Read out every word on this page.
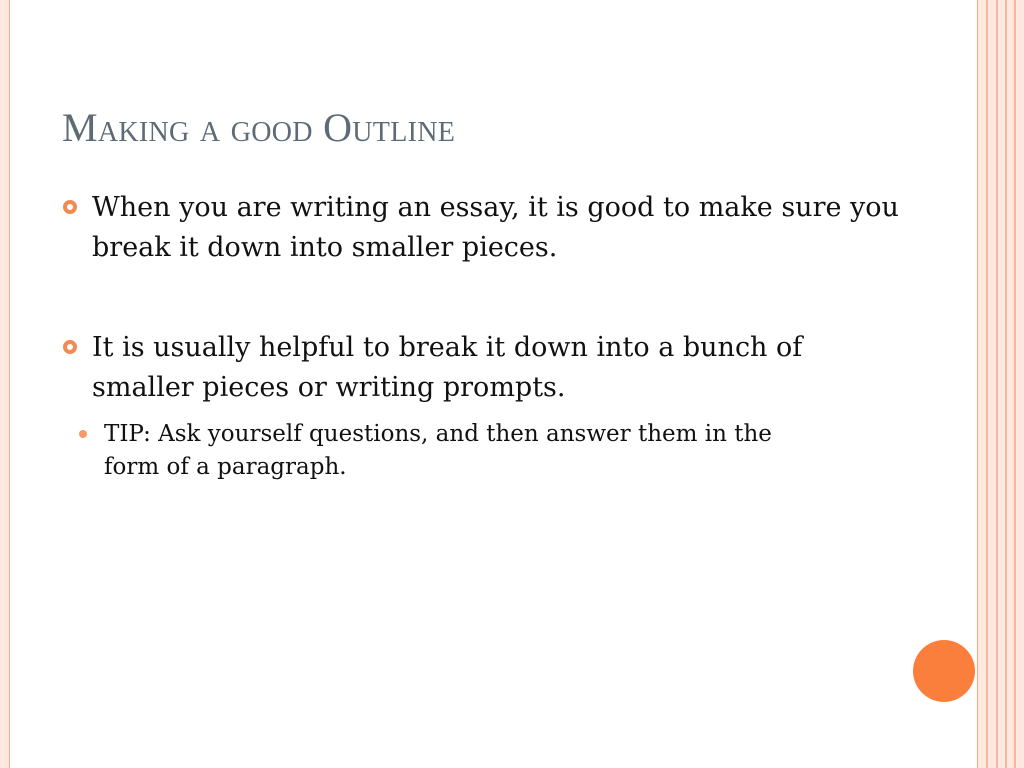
Making a good Outline
When you are writing an essay, it is good to make sure you break it down into smaller pieces.
It is usually helpful to break it down into a bunch of smaller pieces or writing prompts.
TIP: Ask yourself questions, and then answer them in the form of a paragraph.
